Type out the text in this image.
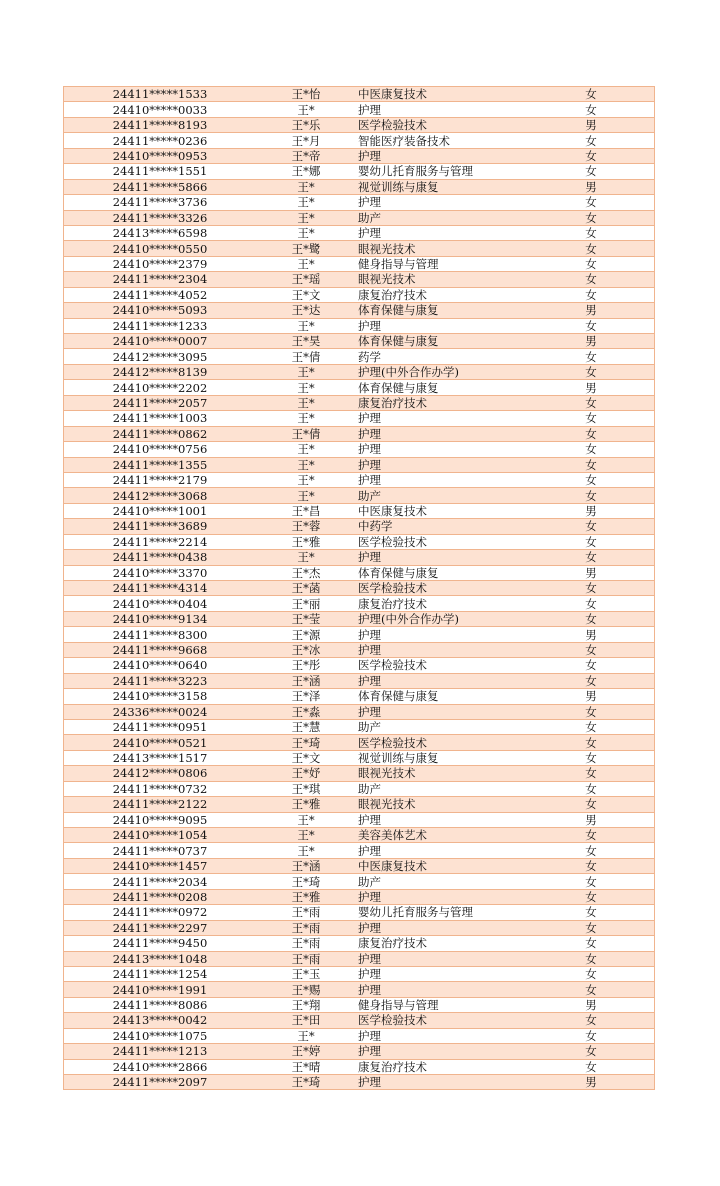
24411*****1533	王*怡	中医康复技术	女
24410*****0033	王*	护理	女
24411*****8193	王*乐	医学检验技术	男
24411*****0236	王*月	智能医疗装备技术	女
24410*****0953	王*帝	护理	女
24411*****1551	王*娜	婴幼儿托育服务与管理	女
24411*****5866	王*	视觉训练与康复	男
24411*****3736	王*	护理	女
24411*****3326	王*	助产	女
24413*****6598	王*	护理	女
24410*****0550	王*鹭	眼视光技术	女
24410*****2379	王*	健身指导与管理	女
24411*****2304	王*瑶	眼视光技术	女
24411*****4052	王*文	康复治疗技术	女
24410*****5093	王*达	体育保健与康复	男
24411*****1233	王*	护理	女
24410*****0007	王*昊	体育保健与康复	男
24412*****3095	王*倩	药学	女
24412*****8139	王*	护理(中外合作办学)	女
24410*****2202	王*	体育保健与康复	男
24411*****2057	王*	康复治疗技术	女
24411*****1003	王*	护理	女
24411*****0862	王*倩	护理	女
24410*****0756	王*	护理	女
24411*****1355	王*	护理	女
24411*****2179	王*	护理	女
24412*****3068	王*	助产	女
24410*****1001	王*昌	中医康复技术	男
24411*****3689	王*蓉	中药学	女
24411*****2214	王*雅	医学检验技术	女
24411*****0438	王*	护理	女
24410*****3370	王*杰	体育保健与康复	男
24411*****4314	王*菡	医学检验技术	女
24410*****0404	王*丽	康复治疗技术	女
24410*****9134	王*莹	护理(中外合作办学)	女
24411*****8300	王*源	护理	男
24411*****9668	王*冰	护理	女
24410*****0640	王*彤	医学检验技术	女
24411*****3223	王*涵	护理	女
24410*****3158	王*泽	体育保健与康复	男
24336*****0024	王*淼	护理	女
24411*****0951	王*慧	助产	女
24410*****0521	王*琦	医学检验技术	女
24413*****1517	王*文	视觉训练与康复	女
24412*****0806	王*妤	眼视光技术	女
24411*****0732	王*琪	助产	女
24411*****2122	王*雅	眼视光技术	女
24410*****9095	王*	护理	男
24410*****1054	王*	美容美体艺术	女
24411*****0737	王*	护理	女
24410*****1457	王*涵	中医康复技术	女
24411*****2034	王*琦	助产	女
24411*****0208	王*雅	护理	女
24411*****0972	王*雨	婴幼儿托育服务与管理	女
24411*****2297	王*雨	护理	女
24411*****9450	王*雨	康复治疗技术	女
24413*****1048	王*雨	护理	女
24411*****1254	王*玉	护理	女
24410*****1991	王*赐	护理	女
24411*****8086	王*翔	健身指导与管理	男
24413*****0042	王*田	医学检验技术	女
24410*****1075	王*	护理	女
24411*****1213	王*婷	护理	女
24410*****2866	王*晴	康复治疗技术	女
24411*****2097	王*琦	护理	男
